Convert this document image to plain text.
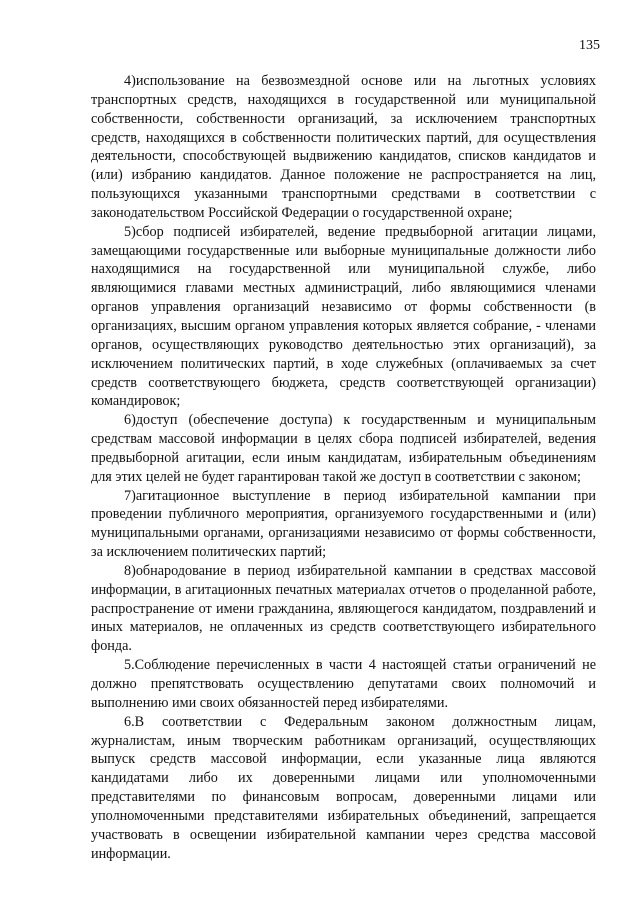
135

4)использование на безвозмездной основе или на льготных условиях транспортных средств, находящихся в государственной или муниципальной собственности, собственности организаций, за исключением транспортных средств, находящихся в собственности политических партий, для осуществления деятельности, способствующей выдвижению кандидатов, списков кандидатов и (или) избранию кандидатов. Данное положение не распространяется на лиц, пользующихся указанными транспортными средствами в соответствии с законодательством Российской Федерации о государственной охране;

5)сбор подписей избирателей, ведение предвыборной агитации лицами, замещающими государственные или выборные муниципальные должности либо находящимися на государственной или муниципальной службе, либо являющимися главами местных администраций, либо являющимися членами органов управления организаций независимо от формы собственности (в организациях, высшим органом управления которых является собрание, - членами органов, осуществляющих руководство деятельностью этих организаций), за исключением политических партий, в ходе служебных (оплачиваемых за счет средств соответствующего бюджета, средств соответствующей организации) командировок;

6)доступ (обеспечение доступа) к государственным и муниципальным средствам массовой информации в целях сбора подписей избирателей, ведения предвыборной агитации, если иным кандидатам, избирательным объединениям для этих целей не будет гарантирован такой же доступ в соответствии с законом;

7)агитационное выступление в период избирательной кампании при проведении публичного мероприятия, организуемого государственными и (или) муниципальными органами, организациями независимо от формы собственности, за исключением политических партий;

8)обнародование в период избирательной кампании в средствах массовой информации, в агитационных печатных материалах отчетов о проделанной работе, распространение от имени гражданина, являющегося кандидатом, поздравлений и иных материалов, не оплаченных из средств соответствующего избирательного фонда.

5.Соблюдение перечисленных в части 4 настоящей статьи ограничений не должно препятствовать осуществлению депутатами своих полномочий и выполнению ими своих обязанностей перед избирателями.

6.В соответствии с Федеральным законом должностным лицам, журналистам, иным творческим работникам организаций, осуществляющих выпуск средств массовой информации, если указанные лица являются кандидатами либо их доверенными лицами или уполномоченными представителями по финансовым вопросам, доверенными лицами или уполномоченными представителями избирательных объединений, запрещается участвовать в освещении избирательной кампании через средства массовой информации.
